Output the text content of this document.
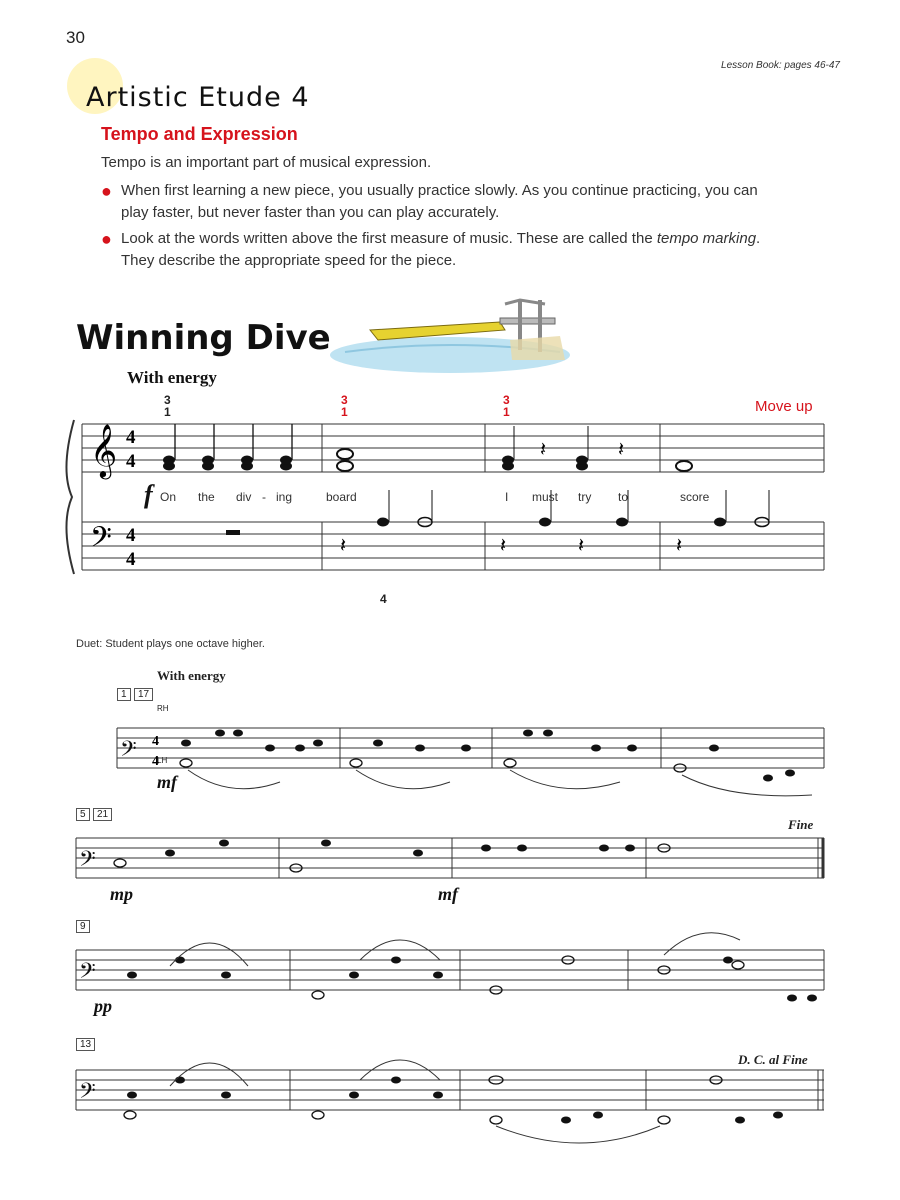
30
Lesson Book: pages 46-47
Artistic Etude 4
Tempo and Expression
Tempo is an important part of musical expression.
● When first learning a new piece, you usually practice slowly. As you continue practicing, you can play faster, but never faster than you can play accurately.
● Look at the words written above the first measure of music. These are called the tempo marking. They describe the appropriate speed for the piece.
Winning Dive
With energy
Move up
𝄞
𝄢
4
4
4
4
𝄽
𝄽	𝄽
𝄽	𝄽	𝄽
3
1
3
1
3
1
4
f On the div - ing	board	I must try to	score
Duet: Student plays one octave higher.
With energy
1	17
RH
LH
mf
5	21
mp	mf
Fine
9
pp
13
D. C. al Fine
𝄢
𝄢
𝄢
𝄢
4
4
